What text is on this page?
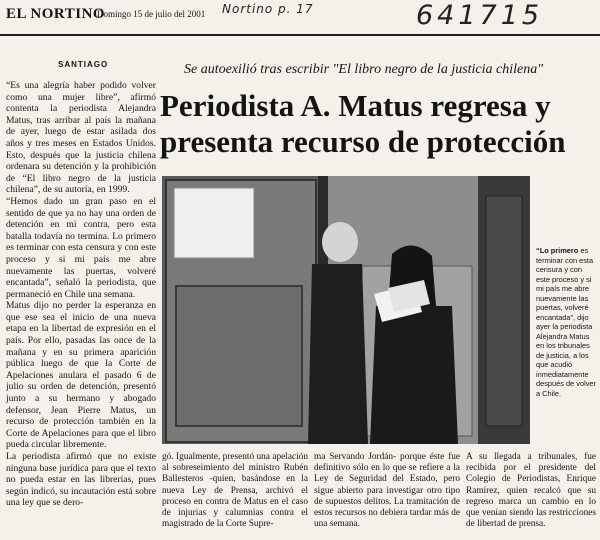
EL NORTINO
Domingo 15 de julio del 2001 Nortino p. 17	641715
SANTIAGO	Se autoexilió tras escribir "El libro negro de la justicia chilena"
Periodista A. Matus regresa y
presenta recurso de protección

“Es una alegría haber podido volver como una mujer libre”, afirmó contenta la periodista Alejandra Matus, tras arribar al país la mañana de ayer, luego de estar asilada dos años y tres meses en Estados Unidos. Esto, después que la justicia chilena ordenara su detención y la prohibición de “El libro negro de la justicia chilena”, de su autoría, en 1999.

“Hemos dado un gran paso en el sentido de que ya no hay una orden de detención en mi contra, pero esta batalla todavía no termina. Lo primero es terminar con esta censura y con este proceso y si mi país me abre nuevamente las puertas, volveré encantada”, señaló la periodista, que permaneció en Chile una semana.

Matus dijo no perder la esperanza en que ese sea el inicio de una nueva etapa en la libertad de expresión en el país. Por ello, pasadas las once de la mañana y en su primera aparición pública luego de que la Corte de Apelaciones anulara el pasado 6 de julio su orden de detención, presentó junto a su hermano y abogado defensor, Jean Pierre Matus, un recurso de protección también en la Corte de Apelaciones para que el libro pueda circular libremente.

La periodista afirmó que no existe ninguna base jurídica para que el texto no pueda estar en las librerías, pues según indicó, su incautación está sobre una ley que se dero-

“Lo primero es terminar con esta censura y con este proceso y si mi país me abre nuevamente las puertas, volveré encantada”, dijo ayer la periodista Alejandra Matus en los tribunales de justicia, a los que acudió inmediatamente después de volver a Chile.
gó. Igualmente, presentó una apelación al sobreseimiento del ministro Rubén Ballesteros -quien, basándose en la nueva Ley de Prensa, archivó el proceso en contra de Matus en el caso de injurias y calumnias contra el magistrado de la Corte Supre-
ma Servando Jordán- porque éste fue definitivo sólo en lo que se refiere a la Ley de Seguridad del Estado, pero sigue abierto para investigar otro tipo de supuestos delitos. La tramitación de estos recursos no debiera tardar más de una semana.
A su llegada a tribunales, fue recibida por el presidente del Colegio de Periodistas, Enrique Ramírez, quien recalcó que su regreso marca un cambio en lo que venían siendo las restricciones de libertad de prensa.
